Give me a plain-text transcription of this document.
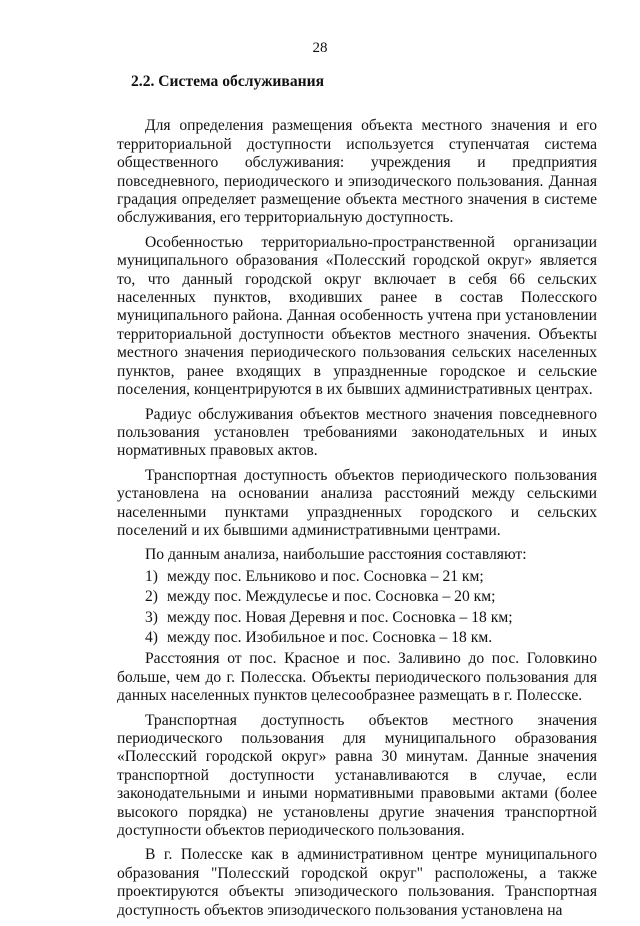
28
2.2. Система обслуживания

Для определения размещения объекта местного значения и его территориальной доступности используется ступенчатая система общественного обслуживания: учреждения и предприятия повседневного, периодического и эпизодического пользования. Данная градация определяет размещение объекта местного значения в системе обслуживания, его территориальную доступность.

Особенностью территориально-пространственной организации муниципального образования «Полесский городской округ» является то, что данный городской округ включает в себя 66 сельских населенных пунктов, входивших ранее в состав Полесского муниципального района. Данная особенность учтена при установлении территориальной доступности объектов местного значения. Объекты местного значения периодического пользования сельских населенных пунктов, ранее входящих в упраздненные городское и сельские поселения, концентрируются в их бывших административных центрах.

Радиус обслуживания объектов местного значения повседневного пользования установлен требованиями законодательных и иных нормативных правовых актов.

Транспортная доступность объектов периодического пользования установлена на основании анализа расстояний между сельскими населенными пунктами упраздненных городского и сельских поселений и их бывшими административными центрами.

По данным анализа, наибольшие расстояния составляют:

1) между пос. Ельниково и пос. Сосновка – 21 км;
2) между пос. Междулесье и пос. Сосновка – 20 км;
3) между пос. Новая Деревня и пос. Сосновка – 18 км;
4) между пос. Изобильное и пос. Сосновка – 18 км.

Расстояния от пос. Красное и пос. Заливино до пос. Головкино больше, чем до г. Полесска. Объекты периодического пользования для данных населенных пунктов целесообразнее размещать в г. Полесске.

Транспортная доступность объектов местного значения периодического пользования для муниципального образования «Полесский городской округ» равна 30 минутам. Данные значения транспортной доступности устанавливаются в случае, если законодательными и иными нормативными правовыми актами (более высокого порядка) не установлены другие значения транспортной доступности объектов периодического пользования.

В г. Полесске как в административном центре муниципального образования "Полесский городской округ" расположены, а также проектируются объекты эпизодического пользования. Транспортная доступность объектов эпизодического пользования установлена на
